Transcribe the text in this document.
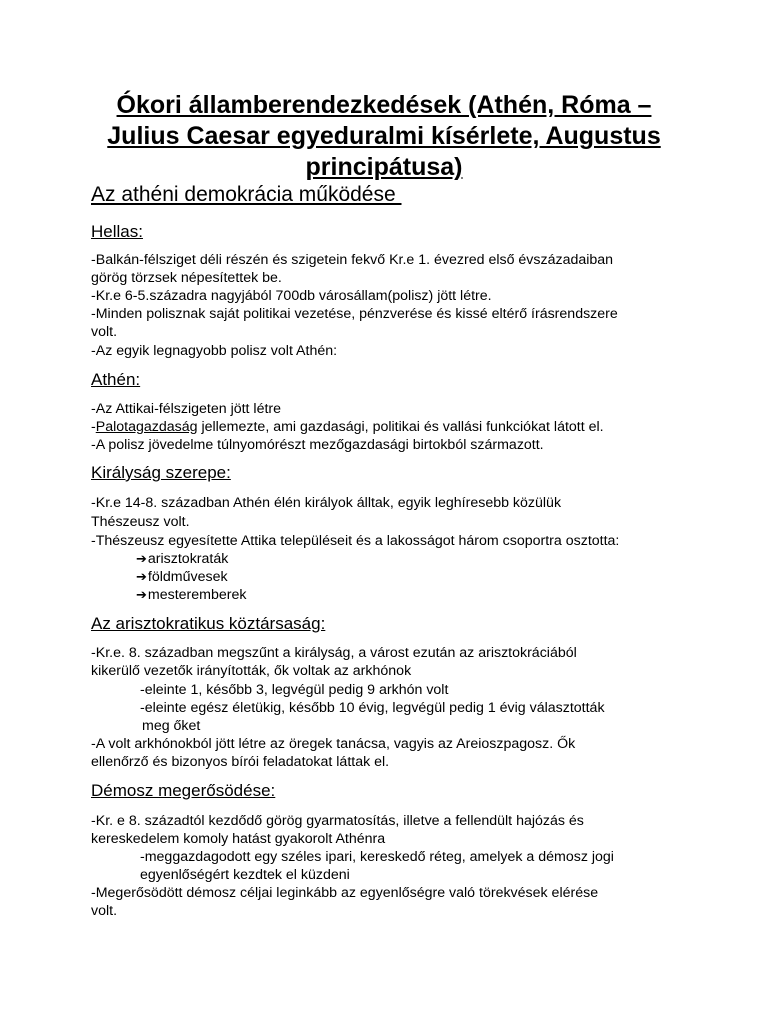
Ókori államberendezkedések (Athén, Róma –
Julius Caesar egyeduralmi kísérlete, Augustus
principátusa)
Az athéni demokrácia működése
Hellas:
-Balkán-félsziget déli részén és szigetein fekvő Kr.e 1. évezred első évszázadaiban
görög törzsek népesítettek be.
-Kr.e 6-5.századra nagyjából 700db városállam(polisz) jött létre.
-Minden polisznak saját politikai vezetése, pénzverése és kissé eltérő írásrendszere
volt.
-Az egyik legnagyobb polisz volt Athén:
Athén:
-Az Attikai-félszigeten jött létre
-Palotagazdaság jellemezte, ami gazdasági, politikai és vallási funkciókat látott el.
-A polisz jövedelme túlnyomórészt mezőgazdasági birtokból származott.
Királyság szerepe:
-Kr.e 14-8. században Athén élén királyok álltak, egyik leghíresebb közülük
Thészeusz volt.
-Thészeusz egyesítette Attika településeit és a lakosságot három csoportra osztotta:
➔arisztokraták
➔földművesek
➔mesteremberek
Az arisztokratikus köztársaság:
-Kr.e. 8. században megszűnt a királyság, a várost ezután az arisztokráciából
kikerülő vezetők irányították, ők voltak az arkhónok
-eleinte 1, később 3, legvégül pedig 9 arkhón volt
-eleinte egész életükig, később 10 évig, legvégül pedig 1 évig választották
meg őket
-A volt arkhónokból jött létre az öregek tanácsa, vagyis az Areioszpagosz. Ők
ellenőrző és bizonyos bírói feladatokat láttak el.
Démosz megerősödése:
-Kr. e 8. századtól kezdődő görög gyarmatosítás, illetve a fellendült hajózás és
kereskedelem komoly hatást gyakorolt Athénra
-meggazdagodott egy széles ipari, kereskedő réteg, amelyek a démosz jogi
egyenlőségért kezdtek el küzdeni
-Megerősödött démosz céljai leginkább az egyenlőségre való törekvések elérése
volt.
